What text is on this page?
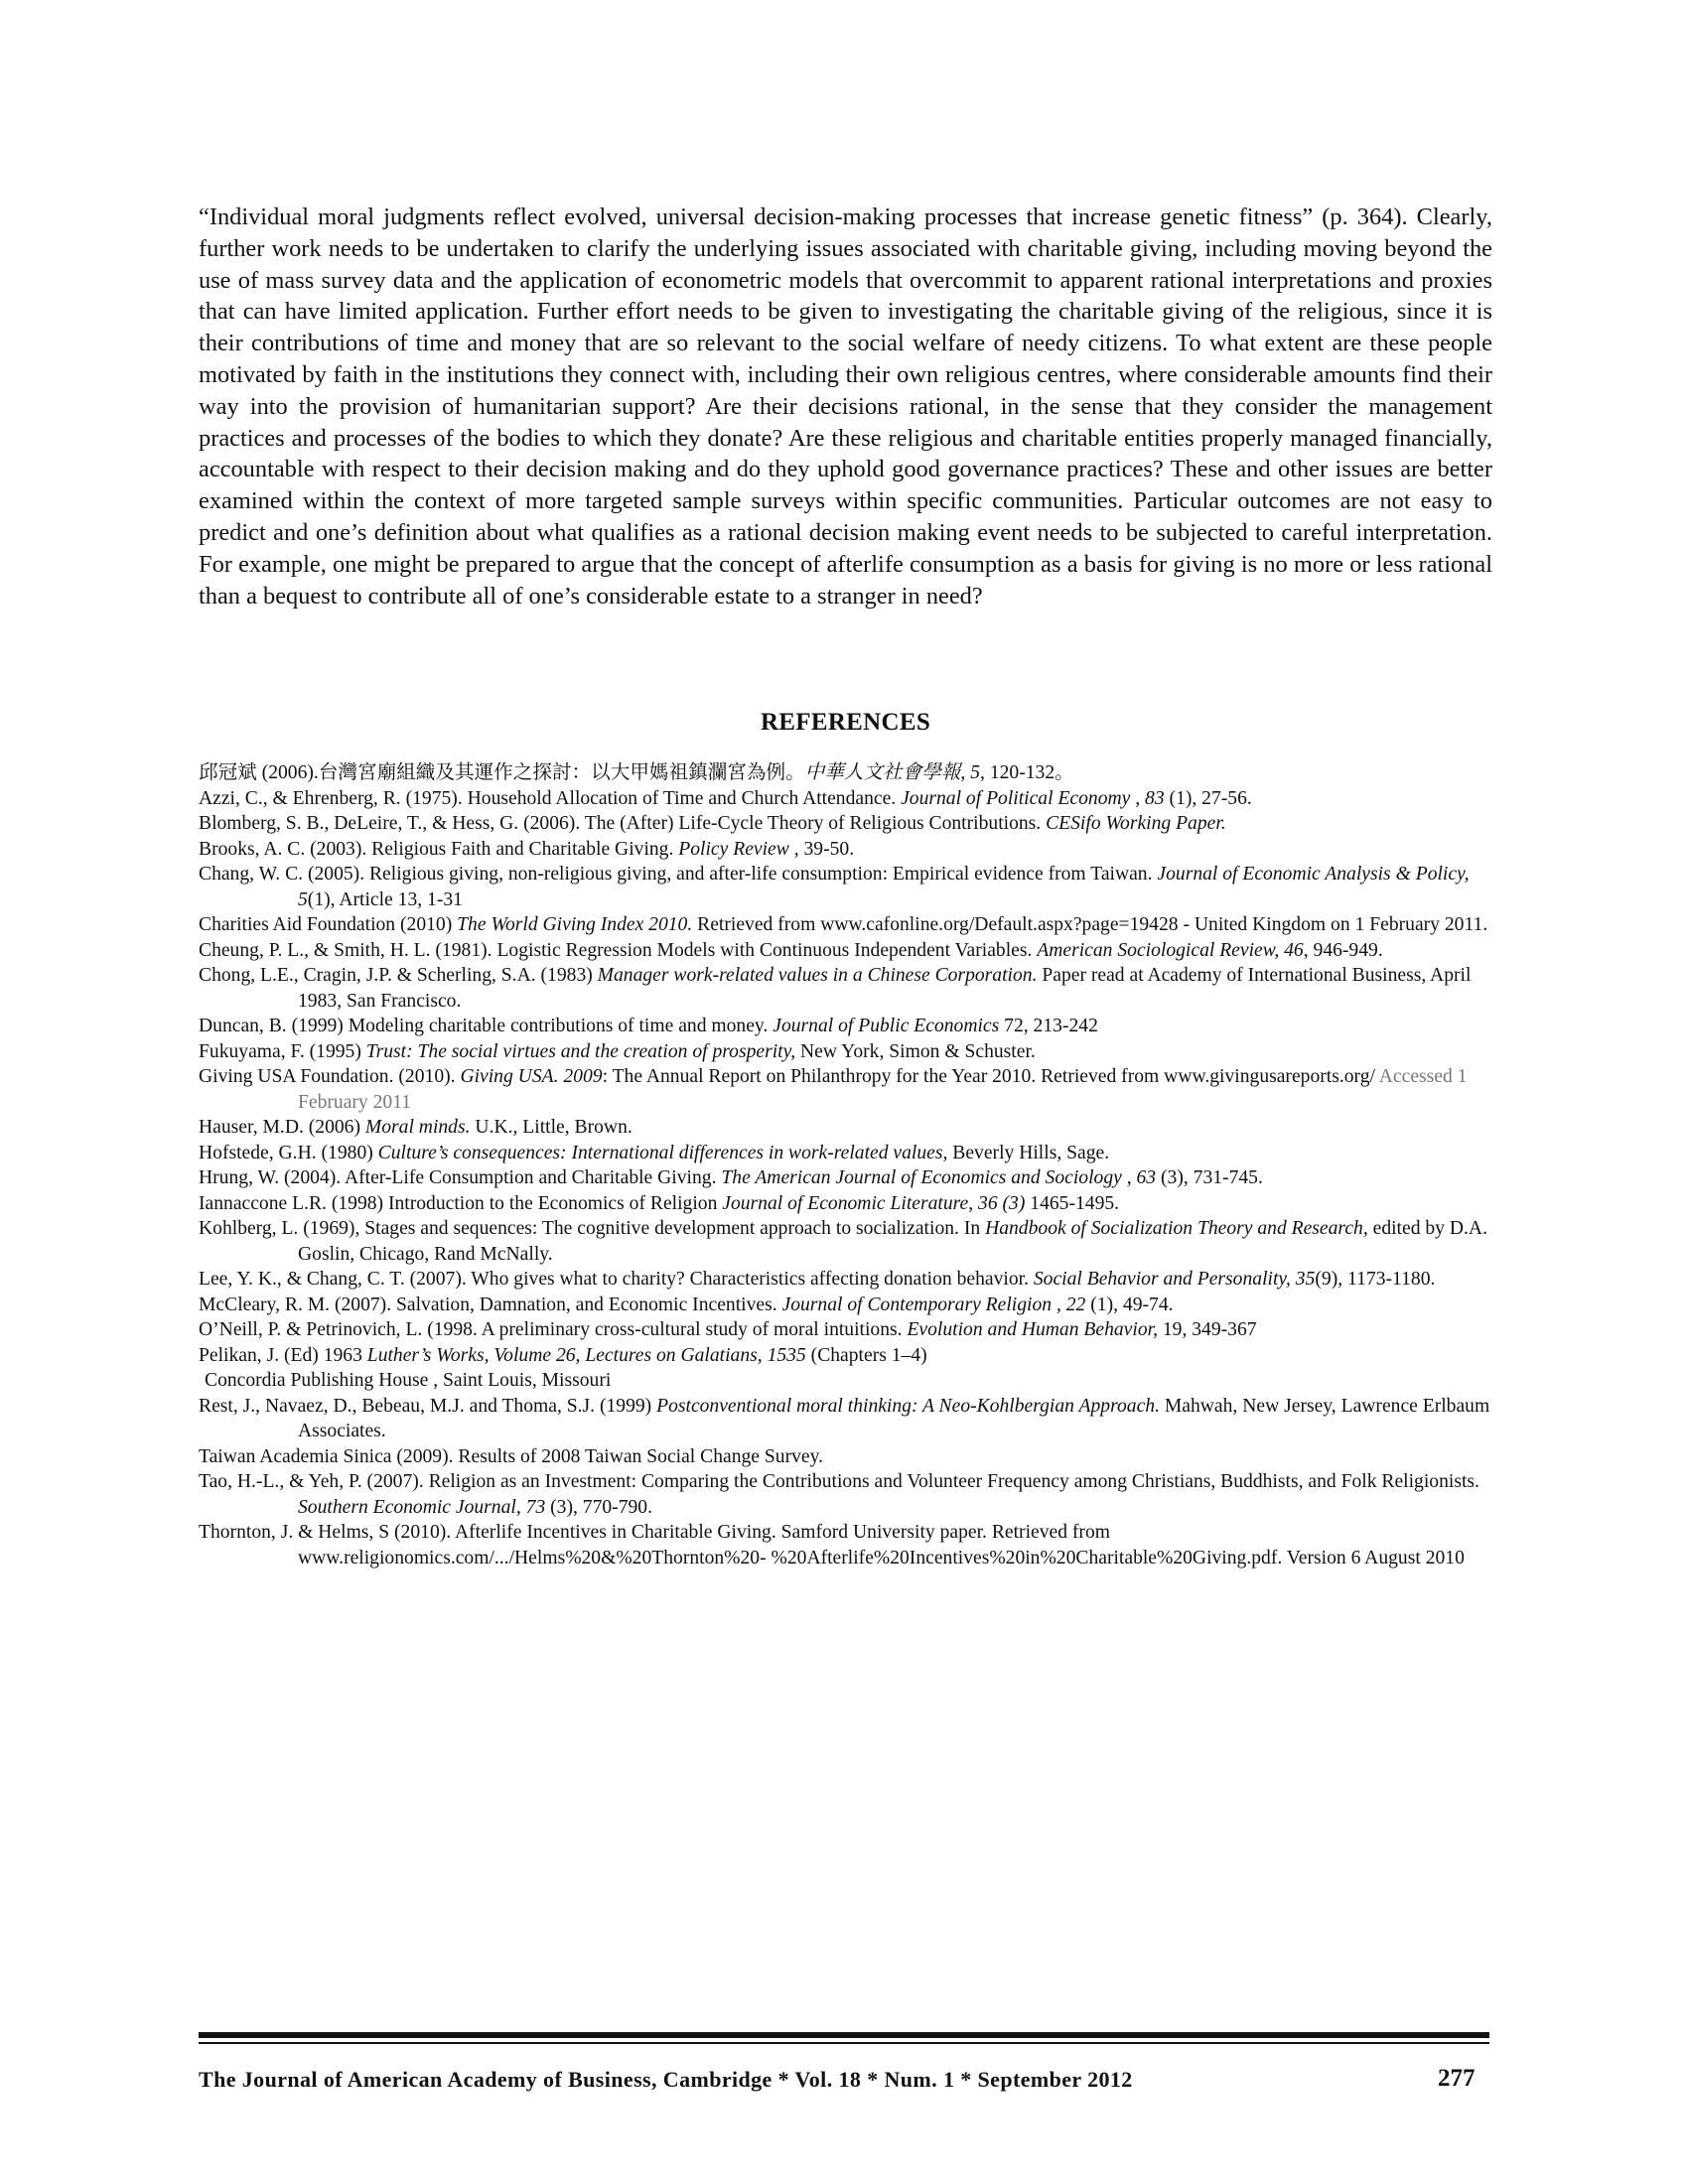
“Individual moral judgments reflect evolved, universal decision-making processes that increase genetic fitness” (p. 364). Clearly, further work needs to be undertaken to clarify the underlying issues associated with charitable giving, including moving beyond the use of mass survey data and the application of econometric models that overcommit to apparent rational interpretations and proxies that can have limited application. Further effort needs to be given to investigating the charitable giving of the religious, since it is their contributions of time and money that are so relevant to the social welfare of needy citizens. To what extent are these people motivated by faith in the institutions they connect with, including their own religious centres, where considerable amounts find their way into the provision of humanitarian support? Are their decisions rational, in the sense that they consider the management practices and processes of the bodies to which they donate? Are these religious and charitable entities properly managed financially, accountable with respect to their decision making and do they uphold good governance practices? These and other issues are better examined within the context of more targeted sample surveys within specific communities. Particular outcomes are not easy to predict and one’s definition about what qualifies as a rational decision making event needs to be subjected to careful interpretation. For example, one might be prepared to argue that the concept of afterlife consumption as a basis for giving is no more or less rational than a bequest to contribute all of one’s considerable estate to a stranger in need?

REFERENCES
邱冠斌 (2006).台灣宮廟組織及其運作之探討：以大甲媽祖鎮瀾宮為例。中華人文社會學報, 5, 120-132。
Azzi, C., & Ehrenberg, R. (1975). Household Allocation of Time and Church Attendance. Journal of Political Economy , 83 (1), 27-56.
Blomberg, S. B., DeLeire, T., & Hess, G. (2006). The (After) Life-Cycle Theory of Religious Contributions. CESifo Working Paper.
Brooks, A. C. (2003). Religious Faith and Charitable Giving. Policy Review , 39-50.
Chang, W. C. (2005). Religious giving, non-religious giving, and after-life consumption: Empirical evidence from Taiwan. Journal of Economic Analysis & Policy, 5(1), Article 13, 1-31
Charities Aid Foundation (2010) The World Giving Index 2010. Retrieved from www.cafonline.org/Default.aspx?page=19428 - United Kingdom on 1 February 2011.
Cheung, P. L., & Smith, H. L. (1981). Logistic Regression Models with Continuous Independent Variables. American Sociological Review, 46, 946-949.
Chong, L.E., Cragin, J.P. & Scherling, S.A. (1983) Manager work-related values in a Chinese Corporation. Paper read at Academy of International Business, April 1983, San Francisco.
Duncan, B. (1999) Modeling charitable contributions of time and money. Journal of Public Economics 72, 213-242
Fukuyama, F. (1995) Trust: The social virtues and the creation of prosperity, New York, Simon & Schuster.
Giving USA Foundation. (2010). Giving USA. 2009: The Annual Report on Philanthropy for the Year 2010. Retrieved from www.givingusareports.org/ Accessed 1 February 2011
Hauser, M.D. (2006) Moral minds. U.K., Little, Brown.
Hofstede, G.H. (1980) Culture’s consequences: International differences in work-related values, Beverly Hills, Sage.
Hrung, W. (2004). After-Life Consumption and Charitable Giving. The American Journal of Economics and Sociology , 63 (3), 731-745.
Iannaccone L.R. (1998) Introduction to the Economics of Religion Journal of Economic Literature, 36 (3) 1465-1495.
Kohlberg, L. (1969), Stages and sequences: The cognitive development approach to socialization. In Handbook of Socialization Theory and Research, edited by D.A. Goslin, Chicago, Rand McNally.
Lee, Y. K., & Chang, C. T. (2007). Who gives what to charity? Characteristics affecting donation behavior. Social Behavior and Personality, 35(9), 1173-1180.
McCleary, R. M. (2007). Salvation, Damnation, and Economic Incentives. Journal of Contemporary Religion , 22 (1), 49-74.
O’Neill, P. & Petrinovich, L. (1998. A preliminary cross-cultural study of moral intuitions. Evolution and Human Behavior, 19, 349-367
Pelikan, J. (Ed) 1963 Luther’s Works, Volume 26, Lectures on Galatians, 1535 (Chapters 1–4)
Concordia Publishing House , Saint Louis, Missouri
Rest, J., Navaez, D., Bebeau, M.J. and Thoma, S.J. (1999) Postconventional moral thinking: A Neo-Kohlbergian Approach. Mahwah, New Jersey, Lawrence Erlbaum Associates.
Taiwan Academia Sinica (2009). Results of 2008 Taiwan Social Change Survey.
Tao, H.-L., & Yeh, P. (2007). Religion as an Investment: Comparing the Contributions and Volunteer Frequency among Christians, Buddhists, and Folk Religionists. Southern Economic Journal, 73 (3), 770-790.
Thornton, J. & Helms, S (2010). Afterlife Incentives in Charitable Giving. Samford University paper. Retrieved from www.religionomics.com/.../Helms%20&%20Thornton%20- %20Afterlife%20Incentives%20in%20Charitable%20Giving.pdf. Version 6 August 2010
The Journal of American Academy of Business, Cambridge * Vol. 18 * Num. 1 * September 2012	277
